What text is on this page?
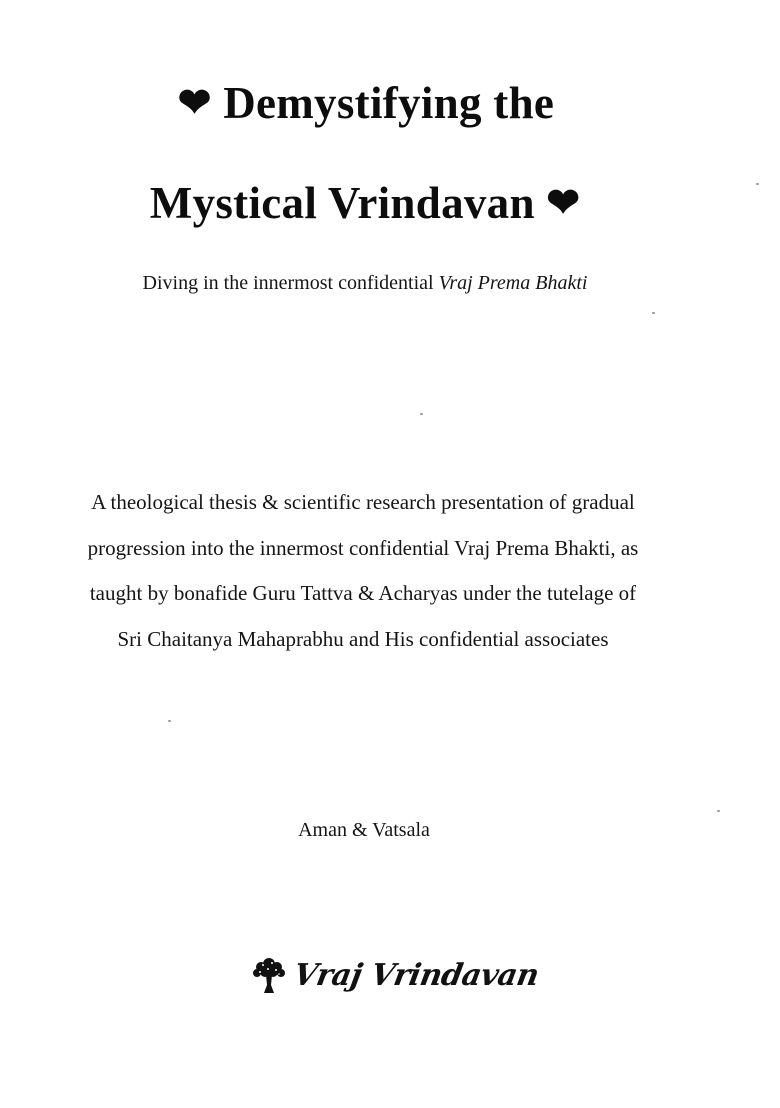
❤ Demystifying the
Mystical Vrindavan ❤
Diving in the innermost confidential Vraj Prema Bhakti
A theological thesis & scientific research presentation of gradual
progression into the innermost confidential Vraj Prema Bhakti, as
taught by bonafide Guru Tattva & Acharyas under the tutelage of
Sri Chaitanya Mahaprabhu and His confidential associates
Aman & Vatsala
Vraj Vrindavan
